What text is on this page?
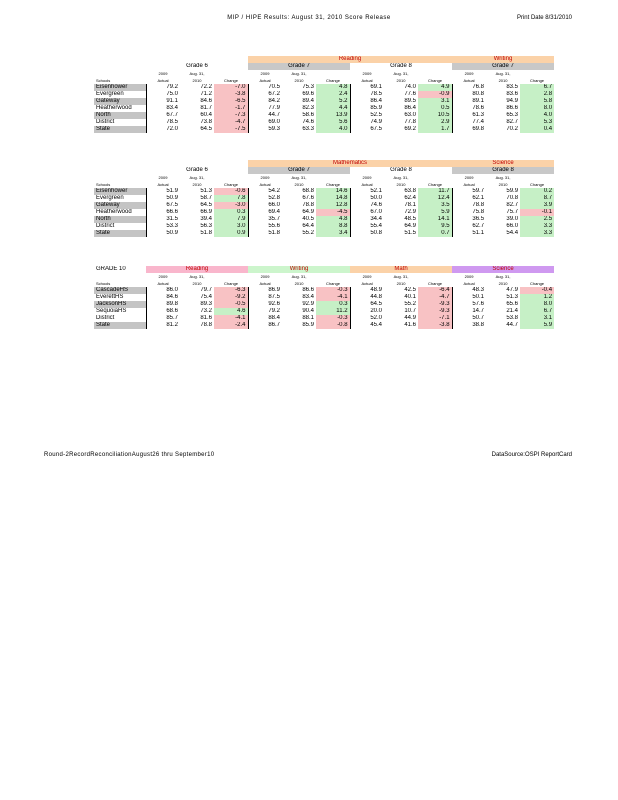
MIP / HIPE Results: August 31, 2010 Score Release	Print Date 8/31/2010
				Reading						Writing		
	Grade 6			Grade 7			Grade 8			Grade 7		
	2009	Aug. 31,		2009	Aug. 31,		2009	Aug. 31,		2009	Aug. 31,	
Schools	Actual	2010	Change	Actual	2010	Change	Actual	2010	Change	Actual	2010	Change
Eisenhower	79.2	72.2	-7.0	70.5	75.3	4.8	69.1	74.0	4.9	76.8	83.5	6.7
Evergreen	75.0	71.2	-3.8	67.2	69.6	2.4	78.5	77.6	-0.9	80.8	83.6	2.8
Gateway	91.1	84.6	-6.5	84.2	89.4	5.2	86.4	89.5	3.1	89.1	94.9	5.8
Heatherwood	83.4	81.7	-1.7	77.9	82.3	4.4	85.9	86.4	0.5	78.6	86.6	8.0
North	67.7	60.4	-7.3	44.7	58.6	13.9	52.5	63.0	10.5	61.3	65.3	4.0
District	78.5	73.8	-4.7	69.0	74.6	5.6	74.9	77.8	2.9	77.4	82.7	5.3
State	72.0	64.5	-7.5	59.3	63.3	4.0	67.5	69.2	1.7	69.8	70.2	0.4
				Mathematics						Science		
	Grade 6			Grade 7			Grade 8			Grade 8		
	2009	Aug. 31,		2009	Aug. 31,		2009	Aug. 31,		2009	Aug. 31,	
Schools	Actual	2010	Change	Actual	2010	Change	Actual	2010	Change	Actual	2010	Change
Eisenhower	51.9	51.3	-0.6	54.2	68.8	14.6	52.1	63.8	11.7	59.7	59.9	0.2
Evergreen	50.9	58.7	7.8	52.8	67.6	14.8	50.0	62.4	12.4	62.1	70.8	8.7
Gateway	67.5	64.5	-3.0	66.0	78.8	12.8	74.6	78.1	3.5	78.8	82.7	3.9
Heatherwood	66.6	66.9	0.3	69.4	64.9	-4.5	67.0	72.9	5.9	75.8	75.7	-0.1
North	31.5	39.4	7.9	35.7	40.5	4.8	34.4	48.5	14.1	36.5	39.0	2.5
District	53.3	56.3	3.0	55.6	64.4	8.8	55.4	64.9	9.5	62.7	66.0	3.3
State	50.9	51.8	0.9	51.8	55.2	3.4	50.8	51.5	0.7	51.1	54.4	3.3
GRADE 10	Reading			Writing			Math			Science		
	2009	Aug. 31,		2009	Aug. 31,		2009	Aug. 31,		2009	Aug. 31,	
Schools	Actual	2010	Change	Actual	2010	Change	Actual	2010	Change	Actual	2010	Change
CascadeHS	86.0	79.7	-6.3	86.9	86.6	-0.3	48.9	42.5	-6.4	48.3	47.9	-0.4
EverettHS	84.6	75.4	-9.2	87.5	83.4	-4.1	44.8	40.1	-4.7	50.1	51.3	1.2
JacksonHS	89.8	89.3	-0.5	92.6	92.9	0.3	64.5	55.2	-9.3	57.6	65.6	8.0
SequoiaHS	68.6	73.2	4.6	79.2	90.4	11.2	20.0	10.7	-9.3	14.7	21.4	6.7
District	85.7	81.6	-4.1	88.4	88.1	-0.3	52.0	44.9	-7.1	50.7	53.8	3.1
State	81.2	78.8	-2.4	86.7	85.9	-0.8	45.4	41.6	-3.8	38.8	44.7	5.9
Round-2RecordReconciliationAugust26 thru September10	DataSource:OSPI ReportCard
